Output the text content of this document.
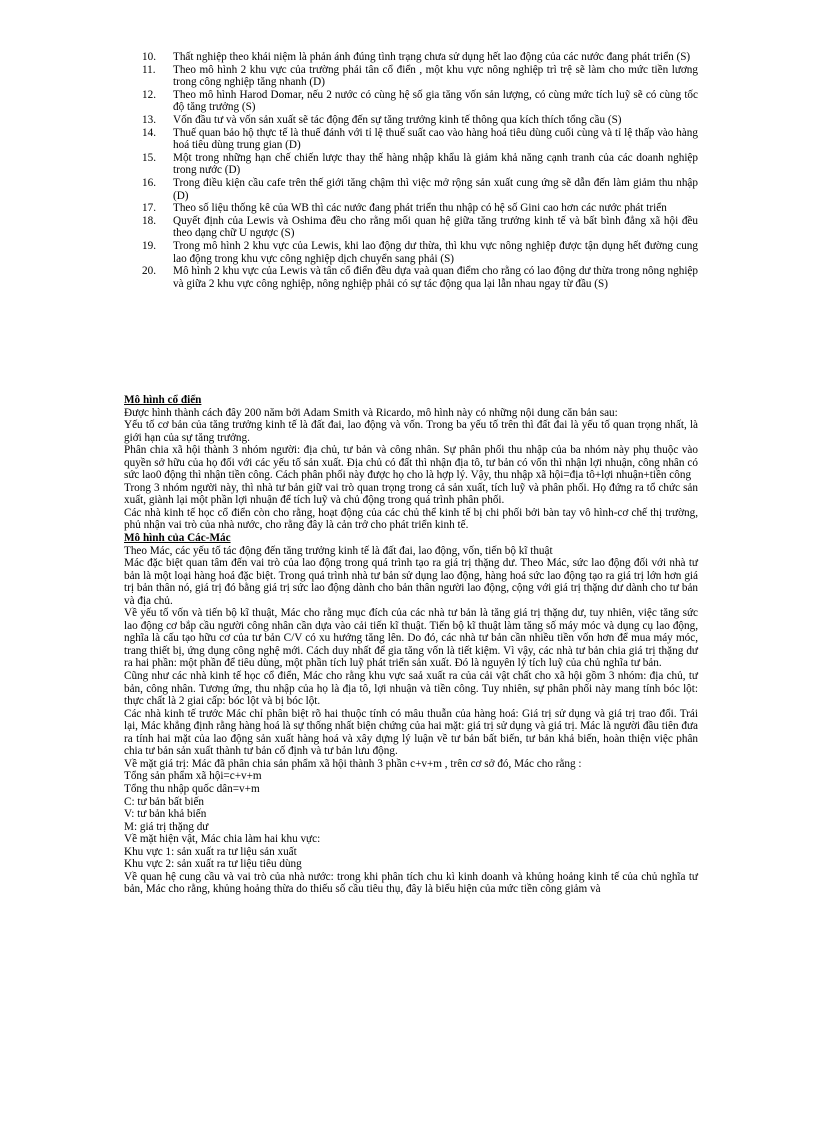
10.	Thất nghiệp theo khái niệm là phản ánh đúng tình trạng chưa sử dụng hết lao động của các nước đang phát triển (S)
11.	Theo mô hình 2 khu vực của trường phái tân cổ điển , một khu vực nông nghiệp trì trệ sẽ làm cho mức tiền lương trong công nghiệp tăng nhanh (D)
12.	Theo mô hình Harod Domar, nếu 2 nước có cùng hệ số gia tăng vốn sản lượng, có cùng mức tích luỹ sẽ có cùng tốc độ tăng trưởng (S)
13.	Vốn đầu tư và vốn sản xuất sẽ tác động đến sự tăng trưởng kinh tế thông qua kích thích tổng cầu (S)
14.	Thuế quan bảo hộ thực tế là thuế đánh với tỉ lệ thuế suất cao vào hàng hoá tiêu dùng cuối cùng và tỉ lệ thấp vào hàng hoá tiêu dùng trung gian (D)
15.	Một trong những hạn chế chiến lược thay thế hàng nhập khẩu là giảm khả năng cạnh tranh của các doanh nghiệp trong nước (D)
16.	Trong điều kiện cầu cafe trên thế giới tăng chậm thì việc mở rộng sản xuất cung ứng sẽ dẫn đến làm giảm thu nhập (D)
17.	Theo số liệu thống kê của WB thì các nước đang phát triển thu nhập có hệ số Gini cao hơn các nước phát triển
18.	Quyết định của Lewis và Oshima đều cho rằng mối quan hệ giữa tăng trưởng kinh tế và bất bình đẳng xã hội đều theo dạng chữ U ngược (S)
19.	Trong mô hình 2 khu vực của Lewis, khi lao động dư thừa, thì khu vực nông nghiệp được tận dụng hết đường cung lao động trong khu vực công nghiệp dịch chuyển sang phải (S)
20.	Mô hình 2 khu vực của Lewis và tân cổ điển đều dựa vaà quan điểm cho rằng có lao động dư thừa trong nông nghiệp và giữa 2 khu vực công nghiệp, nông nghiệp phải có sự tác động qua lại lẫn nhau ngay từ đầu (S)

Mô hình cổ điển

Được hình thành cách đây 200 năm bởi Adam Smith và Ricardo, mô hình này có những nội dung căn bản sau:

Yếu tố cơ bản của tăng trưởng kinh tế là đất đai, lao động và vốn. Trong ba yếu tố trên thì đất đai là yếu tố quan trọng nhất, là giới hạn của sự tăng trưởng.

Phân chia xã hội thành 3 nhóm người: địa chủ, tư bản và công nhân. Sự phân phối thu nhập của ba nhóm này phụ thuộc vào quyền sở hữu của họ đối với các yếu tố sản xuất. Địa chủ có đất thì nhận địa tô, tư bản có vốn thì nhận lợi nhuận, công nhân có sức lao0 động thì nhận tiền công. Cách phân phối này được họ cho là hợp lý. Vậy, thu nhập xã hội=địa tô+lợi nhuận+tiền công

Trong 3 nhóm người này, thì nhà tư bản giữ vai trò quan trọng trong cả sản xuất, tích luỹ và phân phối. Họ đứng ra tổ chức sản xuất, giành lại một phần lợi nhuận để tích luỹ và chủ động trong quá trình phân phối.

Các nhà kinh tế học cổ điển còn cho rằng, hoạt động của các chủ thể kinh tế bị chi phối bởi bàn tay vô hình-cơ chế thị trường, phủ nhận vai trò của nhà nước, cho rằng đây là cản trở cho phát triển kinh tế.

Mô hình của Các-Mác

Theo Mác, các yếu tố tác động đến tăng trưởng kinh tế là đất đai, lao động, vốn, tiến bộ kĩ thuật

Mác đặc biệt quan tâm đến vai trò của lao động trong quá trình tạo ra giá trị thặng dư. Theo Mác, sức lao động đối với nhà tư bản là một loại hàng hoá đặc biệt. Trong quá trình nhà tư bản sử dụng lao động, hàng hoá sức lao động tạo ra giá trị lớn hơn giá trị bản thân nó, giá trị đó bằng giá trị sức lao động dành cho bản thân người lao động, cộng với giá trị thặng dư dành cho tư bản và địa chủ.

Về yếu tố vốn và tiến bộ kĩ thuật, Mác cho rằng mục đích của các nhà tư bản là tăng giá trị thặng dư, tuy nhiên, việc tăng sức lao động cơ bắp cầu người công nhân cần dựa vào cải tiến kĩ thuật. Tiến bộ kĩ thuật làm tăng số máy móc và dụng cụ lao động, nghĩa là cấu tạo hữu cơ của tư bản C/V có xu hướng tăng lên. Do đó, các nhà tư bản cần nhiều tiền vốn hơn để mua máy móc, trang thiết bị, ứng dụng công nghệ mới. Cách duy nhất để gia tăng vốn là tiết kiệm. Vì vậy, các nhà tư bản chia giá trị thặng dư ra hai phần: một phần để tiêu dùng, một phần tích luỹ phát triển sản xuất. Đó là nguyên lý tích luỹ của chủ nghĩa tư bản.

Cũng như các nhà kinh tế học cổ điển, Mác cho rằng khu vực saả xuất ra của cải vật chất cho xã hội gồm 3 nhóm: địa chủ, tư bản, công nhân. Tương ứng, thu nhập của họ là địa tô, lợi nhuận và tiền công. Tuy nhiên, sự phân phối này mang tính bóc lột: thực chất là 2 giai cấp: bóc lột và bị bóc lột.

Các nhà kinh tế trước Mác chỉ phân biệt rõ hai thuộc tính có mâu thuẫn của hàng hoá: Giá trị sử dụng và giá trị trao đổi. Trái lại, Mác khẳng định rằng hàng hoá là sự thống nhất biện chứng của hai mặt: giá trị sử dụng và giá trị. Mác là người đầu tiên đưa ra tính hai mặt của lao động sản xuất hàng hoá và xây dựng lý luận về tư bản bất biến, tư bản khả biến, hoàn thiện việc phân chia tư bản sản xuất thành tư bản cố định và tư bản lưu động.

Về mặt giá trị: Mác đã phân chia sản phẩm xã hội thành 3 phần c+v+m , trên cơ sở đó, Mác cho rằng :

Tổng sản phẩm xã hội=c+v+m

Tổng thu nhập quốc dân=v+m

C: tư bản bất biến

V: tư bản khả biến

M: giá trị thặng dư

Về mặt hiện vật, Mác chia làm hai khu vực:

Khu vực 1: sản xuất ra tư liệu sản xuất

Khu vực 2: sản xuất ra tư liệu tiêu dùng

Về quan hệ cung cầu và vai trò của nhà nước: trong khi phân tích chu kì kinh doanh và khủng hoảng kinh tế của chủ nghĩa tư bản, Mác cho rằng, khủng hoảng thừa do thiếu số cầu tiêu thụ, đây là biểu hiện của mức tiền công giảm và
